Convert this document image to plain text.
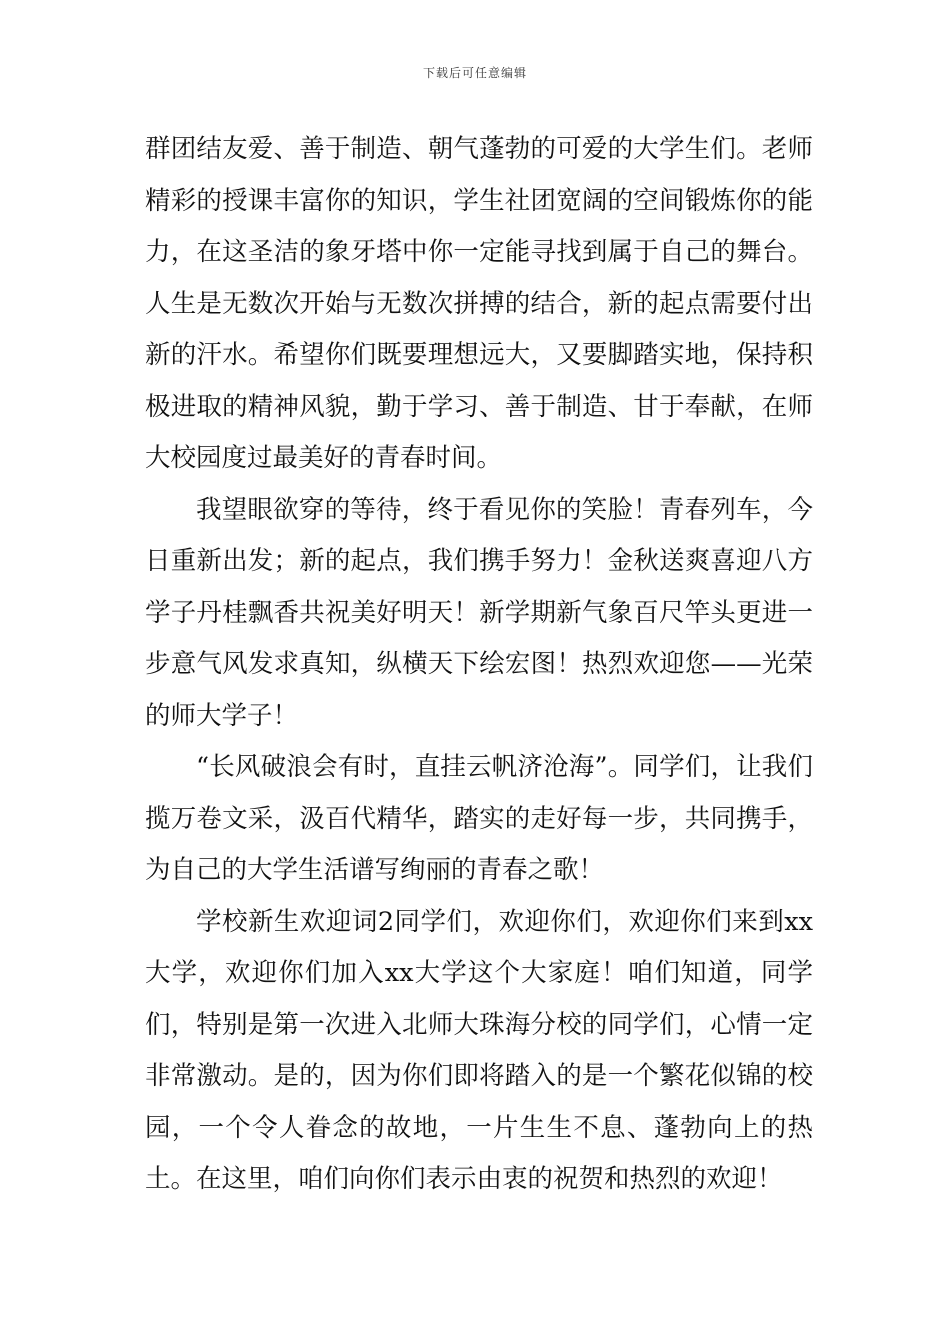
下载后可任意编辑

群团结友爱、善于制造、朝气蓬勃的可爱的大学生们。老师精彩的授课丰富你的知识，学生社团宽阔的空间锻炼你的能力，在这圣洁的象牙塔中你一定能寻找到属于自己的舞台。人生是无数次开始与无数次拼搏的结合，新的起点需要付出新的汗水。希望你们既要理想远大，又要脚踏实地，保持积极进取的精神风貌，勤于学习、善于制造、甘于奉献，在师大校园度过最美好的青春时间。

我望眼欲穿的等待，终于看见你的笑脸！青春列车，今日重新出发；新的起点，我们携手努力！金秋送爽喜迎八方学子丹桂飘香共祝美好明天！新学期新气象百尺竿头更进一步意气风发求真知，纵横天下绘宏图！热烈欢迎您——光荣的师大学子！

“长风破浪会有时，直挂云帆济沧海”。同学们，让我们揽万卷文采，汲百代精华，踏实的走好每一步，共同携手，为自己的大学生活谱写绚丽的青春之歌！

学校新生欢迎词2同学们，欢迎你们，欢迎你们来到xx大学，欢迎你们加入xx大学这个大家庭！咱们知道，同学们，特别是第一次进入北师大珠海分校的同学们，心情一定非常激动。是的，因为你们即将踏入的是一个繁花似锦的校园，一个令人眷念的故地，一片生生不息、蓬勃向上的热土。在这里，咱们向你们表示由衷的祝贺和热烈的欢迎！
